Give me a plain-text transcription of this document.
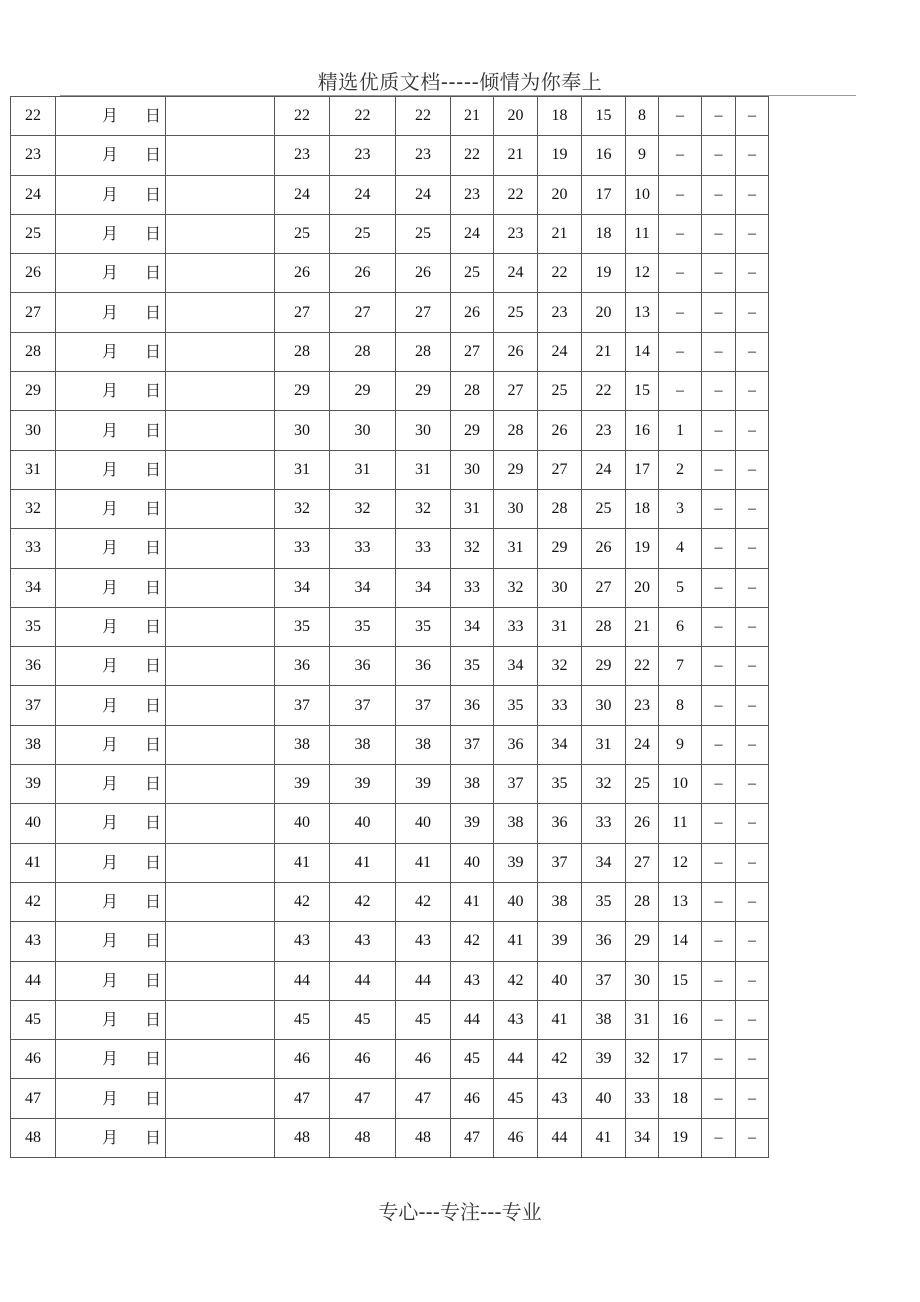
精选优质文档-----倾情为你奉上
22	月 日		22	22	22	21	20	18	15	8	–	–	–
23	月 日		23	23	23	22	21	19	16	9	–	–	–
24	月 日		24	24	24	23	22	20	17	10	–	–	–
25	月 日		25	25	25	24	23	21	18	11	–	–	–
26	月 日		26	26	26	25	24	22	19	12	–	–	–
27	月 日		27	27	27	26	25	23	20	13	–	–	–
28	月 日		28	28	28	27	26	24	21	14	–	–	–
29	月 日		29	29	29	28	27	25	22	15	–	–	–
30	月 日		30	30	30	29	28	26	23	16	1	–	–
31	月 日		31	31	31	30	29	27	24	17	2	–	–
32	月 日		32	32	32	31	30	28	25	18	3	–	–
33	月 日		33	33	33	32	31	29	26	19	4	–	–
34	月 日		34	34	34	33	32	30	27	20	5	–	–
35	月 日		35	35	35	34	33	31	28	21	6	–	–
36	月 日		36	36	36	35	34	32	29	22	7	–	–
37	月 日		37	37	37	36	35	33	30	23	8	–	–
38	月 日		38	38	38	37	36	34	31	24	9	–	–
39	月 日		39	39	39	38	37	35	32	25	10	–	–
40	月 日		40	40	40	39	38	36	33	26	11	–	–
41	月 日		41	41	41	40	39	37	34	27	12	–	–
42	月 日		42	42	42	41	40	38	35	28	13	–	–
43	月 日		43	43	43	42	41	39	36	29	14	–	–
44	月 日		44	44	44	43	42	40	37	30	15	–	–
45	月 日		45	45	45	44	43	41	38	31	16	–	–
46	月 日		46	46	46	45	44	42	39	32	17	–	–
47	月 日		47	47	47	46	45	43	40	33	18	–	–
48	月 日		48	48	48	47	46	44	41	34	19	–	–
专心---专注---专业
